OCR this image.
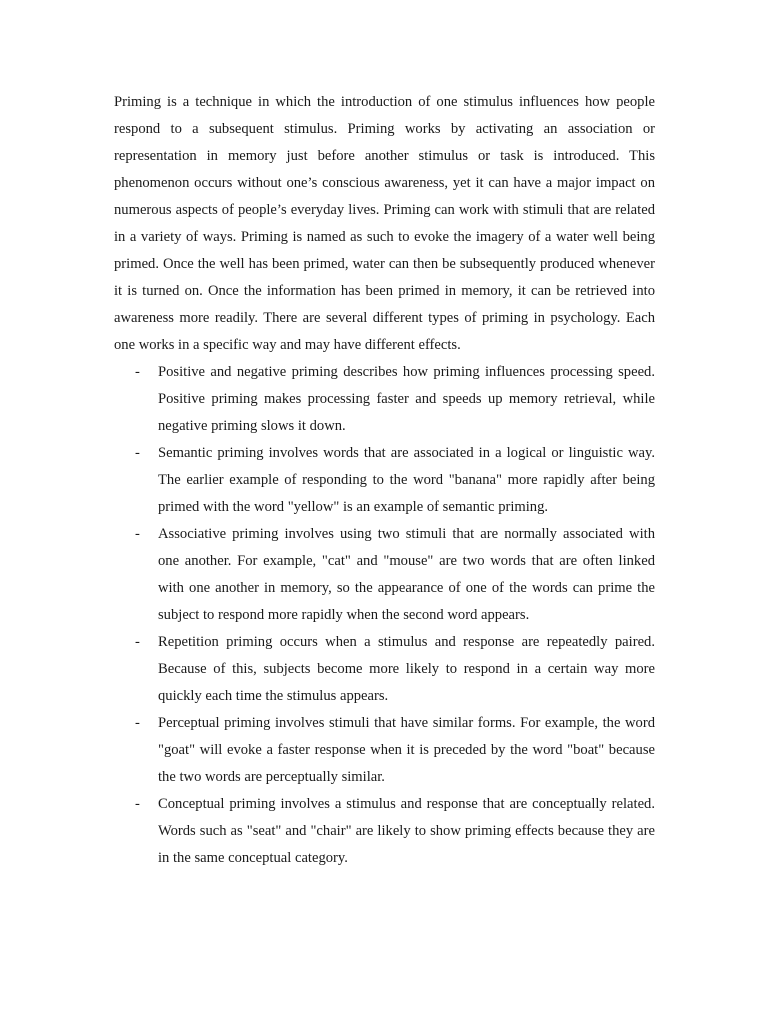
Priming is a technique in which the introduction of one stimulus influences how people respond to a subsequent stimulus. Priming works by activating an association or representation in memory just before another stimulus or task is introduced. This phenomenon occurs without one’s conscious awareness, yet it can have a major impact on numerous aspects of people’s everyday lives. Priming can work with stimuli that are related in a variety of ways. Priming is named as such to evoke the imagery of a water well being primed. Once the well has been primed, water can then be subsequently produced whenever it is turned on. Once the information has been primed in memory, it can be retrieved into awareness more readily. There are several different types of priming in psychology. Each one works in a specific way and may have different effects.

- Positive and negative priming describes how priming influences processing speed. Positive priming makes processing faster and speeds up memory retrieval, while negative priming slows it down.
- Semantic priming involves words that are associated in a logical or linguistic way. The earlier example of responding to the word "banana" more rapidly after being primed with the word "yellow" is an example of semantic priming.
- Associative priming involves using two stimuli that are normally associated with one another. For example, "cat" and "mouse" are two words that are often linked with one another in memory, so the appearance of one of the words can prime the subject to respond more rapidly when the second word appears.
- Repetition priming occurs when a stimulus and response are repeatedly paired. Because of this, subjects become more likely to respond in a certain way more quickly each time the stimulus appears.
- Perceptual priming involves stimuli that have similar forms. For example, the word "goat" will evoke a faster response when it is preceded by the word "boat" because the two words are perceptually similar.
- Conceptual priming involves a stimulus and response that are conceptually related. Words such as "seat" and "chair" are likely to show priming effects because they are in the same conceptual category.
